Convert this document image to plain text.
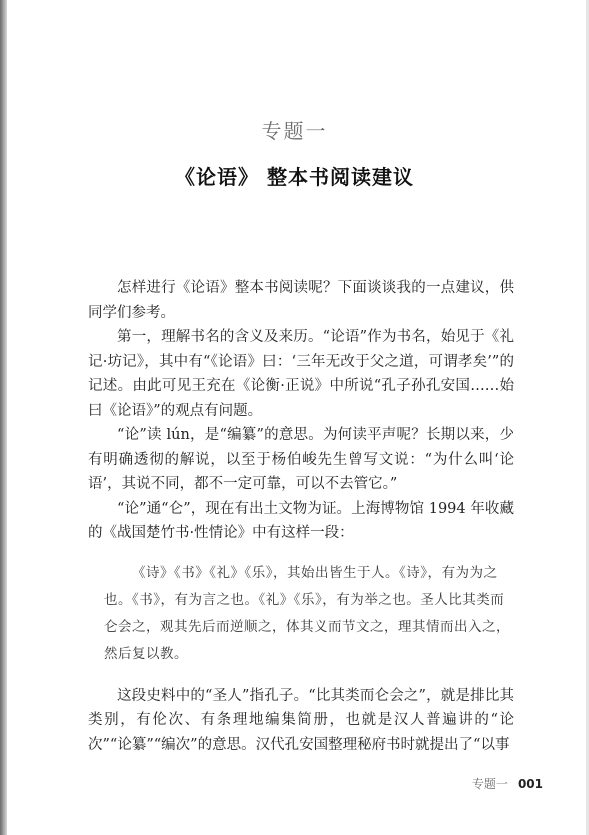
专题一
《论语》 整本书阅读建议

怎样进行《论语》整本书阅读呢？下面谈谈我的一点建议，供同学们参考。

第一，理解书名的含义及来历。“论语”作为书名，始见于《礼记·坊记》，其中有“《论语》曰：‘三年无改于父之道，可谓孝矣’”的记述。由此可见王充在《论衡·正说》中所说“孔子孙孔安国……始曰《论语》”的观点有问题。

“论”读 lún，是“编纂”的意思。为何读平声呢？长期以来，少有明确透彻的解说，以至于杨伯峻先生曾写文说：“为什么叫‘论语’，其说不同，都不一定可靠，可以不去管它。”

“论”通“仑”，现在有出土文物为证。上海博物馆 1994 年收藏的《战国楚竹书·性情论》中有这样一段：

《诗》《书》《礼》《乐》，其始出皆生于人。《诗》，有为为之也。《书》，有为言之也。《礼》《乐》，有为举之也。圣人比其类而仑会之，观其先后而逆顺之，体其义而节文之，理其情而出入之，然后复以教。

这段史料中的“圣人”指孔子。“比其类而仑会之”，就是排比其类别，有伦次、有条理地编集简册，也就是汉人普遍讲的“论次”“论纂”“编次”的意思。汉代孔安国整理秘府书时就提出了“以事

专题一 001
